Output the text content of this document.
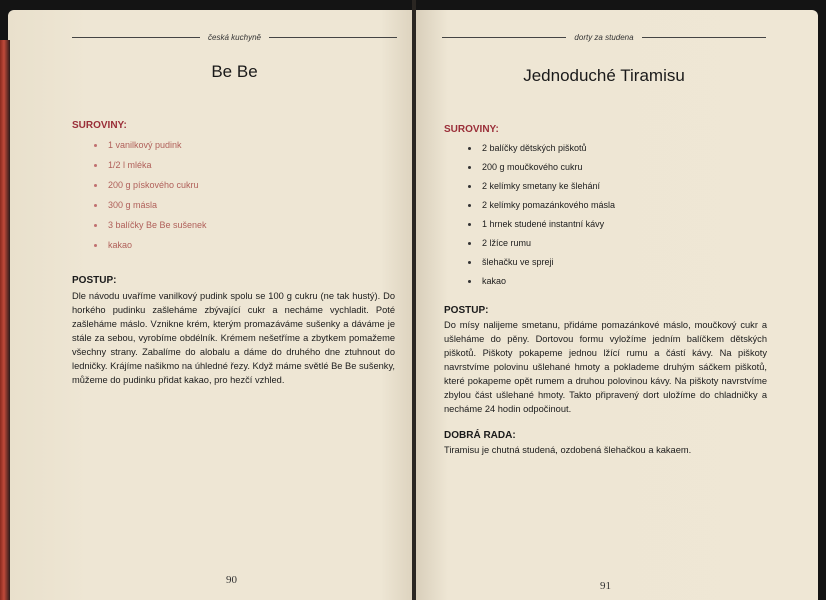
česká kuchyně
Be Be
SUROVINY:
1 vanilkový pudink
1/2 l mléka
200 g pískového cukru
300 g másla
3 balíčky Be Be sušenek
kakao
POSTUP:
Dle návodu uvaříme vanilkový pudink spolu se 100 g cukru (ne tak hustý). Do horkého pudinku zašleháme zbývající cukr a necháme vychladit. Poté zašleháme máslo. Vznikne krém, kterým promazáváme sušenky a dáváme je stále za sebou, vyrobíme obdélník. Krémem nešetříme a zbytkem pomažeme všechny strany. Zabalíme do alobalu a dáme do druhého dne ztuhnout do ledničky. Krájíme našikmo na úhledné řezy. Když máme světlé Be Be sušenky, můžeme do pudinku přidat kakao, pro hezčí vzhled.
90
dorty za studena
Jednoduché Tiramisu
SUROVINY:
2 balíčky dětských piškotů
200 g moučkového cukru
2 kelímky smetany ke šlehání
2 kelímky pomazánkového másla
1 hrnek studené instantní kávy
2 lžíce rumu
šlehačku ve spreji
kakao
POSTUP:
Do mísy nalijeme smetanu, přidáme pomazánkové máslo, moučkový cukr a ušleháme do pěny. Dortovou formu vyložíme jedním balíčkem dětských piškotů. Piškoty pokapeme jednou lžící rumu a částí kávy. Na piškoty navrstvíme polovinu ušlehané hmoty a poklademe druhým sáčkem piškotů, které pokapeme opět rumem a druhou polovinou kávy. Na piškoty navrstvíme zbylou část ušlehané hmoty. Takto připravený dort uložíme do chladničky a necháme 24 hodin odpočinout.
DOBRÁ RADA:
Tiramisu je chutná studená, ozdobená šlehačkou a kakaem.
91
